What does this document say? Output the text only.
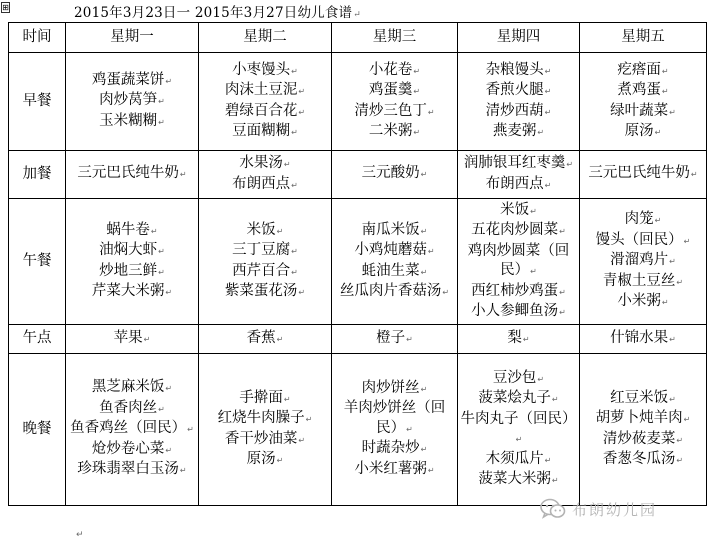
⊞	2015年3月23日一 2015年3月27日幼儿食谱↵
时间	星期一	星期二	星期三	星期四	星期五
早餐	鸡蛋蔬菜饼↵
肉炒莴笋↵
玉米糊糊↵	小枣馒头↵
肉沫土豆泥↵
碧绿百合花↵
豆面糊糊↵	小花卷↵
鸡蛋羹↵
清炒三色丁↵
二米粥↵	杂粮馒头↵
香煎火腿↵
清炒西葫↵
燕麦粥↵	疙瘩面↵
煮鸡蛋↵
绿叶蔬菜↵
原汤↵

加餐	三元巴氏纯牛奶↵	水果汤↵
布朗西点↵	三元酸奶↵	润肺银耳红枣羹↵
布朗西点↵	三元巴氏纯牛奶↵

午餐	蜗牛卷↵
油焖大虾↵
炒地三鲜↵
芹菜大米粥↵	米饭↵
三丁豆腐↵
西芹百合↵
紫菜蛋花汤↵	南瓜米饭↵
小鸡炖蘑菇↵
蚝油生菜↵
丝瓜肉片香菇汤↵	米饭↵
五花肉炒圆菜↵
鸡肉炒圆菜（回民）↵
西红柿炒鸡蛋↵
小人参鲫鱼汤↵	肉笼↵
馒头（回民）↵
滑溜鸡片↵
青椒土豆丝↵
小米粥↵

午点	苹果↵	香蕉↵	橙子↵	梨↵	什锦水果↵

晚餐	黑芝麻米饭↵
鱼香肉丝↵
鱼香鸡丝（回民）↵
炝炒卷心菜↵
珍珠翡翠白玉汤↵	手擀面↵
红烧牛肉臊子↵
香干炒油菜↵
原汤↵	肉炒饼丝↵
羊肉炒饼丝（回民）↵
时蔬杂炒↵
小米红薯粥↵	豆沙包↵
菠菜烩丸子↵
牛肉丸子（回民）↵
木须瓜片↵
菠菜大米粥↵	红豆米饭↵
胡萝卜炖羊肉↵
清炒莜麦菜↵
香葱冬瓜汤↵
↵
布朗幼儿园
